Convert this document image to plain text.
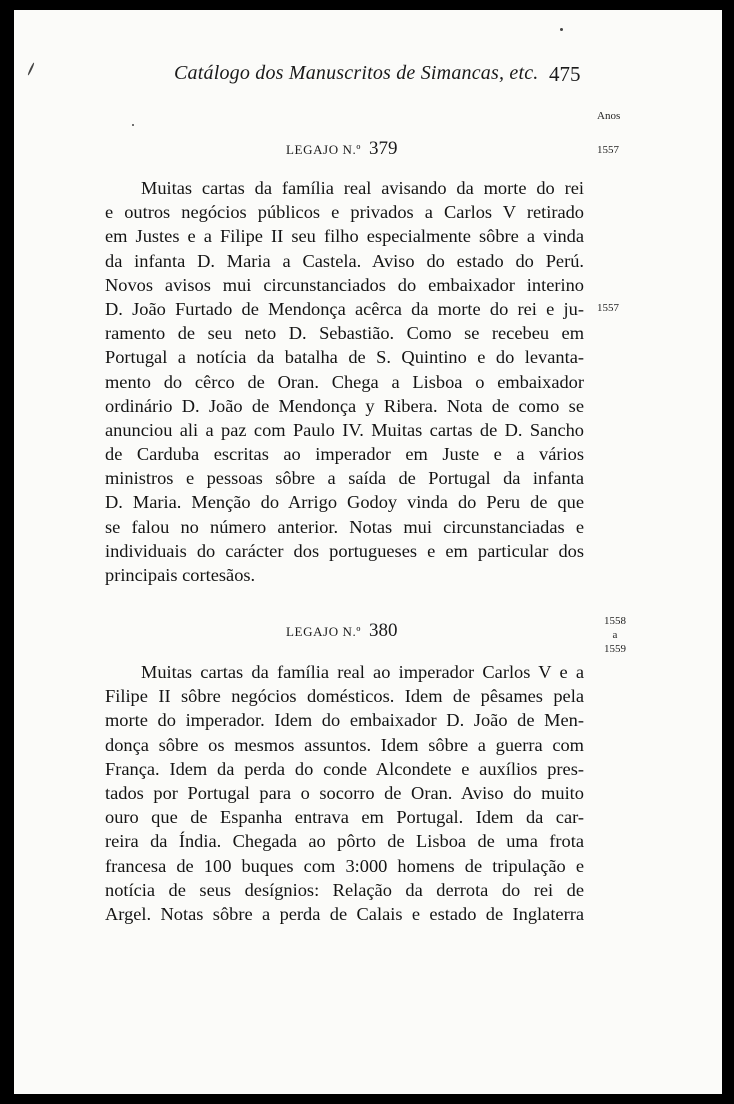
Catálogo dos Manuscritos de Simancas, etc. 475
Anos
1557
1557
1558
a
1559
LEGAJO N.º 379
Muitas cartas da família real avisando da morte do rei
e outros negócios públicos e privados a Carlos V retirado
em Justes e a Filipe II seu filho especialmente sôbre a vinda
da infanta D. Maria a Castela. Aviso do estado do Perú.
Novos avisos mui circunstanciados do embaixador interino
D. João Furtado de Mendonça acêrca da morte do rei e ju-
ramento de seu neto D. Sebastião. Como se recebeu em
Portugal a notícia da batalha de S. Quintino e do levanta-
mento do cêrco de Oran. Chega a Lisboa o embaixador
ordinário D. João de Mendonça y Ribera. Nota de como se
anunciou ali a paz com Paulo IV. Muitas cartas de D. Sancho
de Carduba escritas ao imperador em Juste e a vários
ministros e pessoas sôbre a saída de Portugal da infanta
D. Maria. Menção do Arrigo Godoy vinda do Peru de que
se falou no número anterior. Notas mui circunstanciadas e
individuais do carácter dos portugueses e em particular dos
principais cortesãos.
LEGAJO N.º 380
Muitas cartas da família real ao imperador Carlos V e a
Filipe II sôbre negócios domésticos. Idem de pêsames pela
morte do imperador. Idem do embaixador D. João de Men-
donça sôbre os mesmos assuntos. Idem sôbre a guerra com
França. Idem da perda do conde Alcondete e auxílios pres-
tados por Portugal para o socorro de Oran. Aviso do muito
ouro que de Espanha entrava em Portugal. Idem da car-
reira da Índia. Chegada ao pôrto de Lisboa de uma frota
francesa de 100 buques com 3:000 homens de tripulação e
notícia de seus desígnios: Relação da derrota do rei de
Argel. Notas sôbre a perda de Calais e estado de Inglaterra
